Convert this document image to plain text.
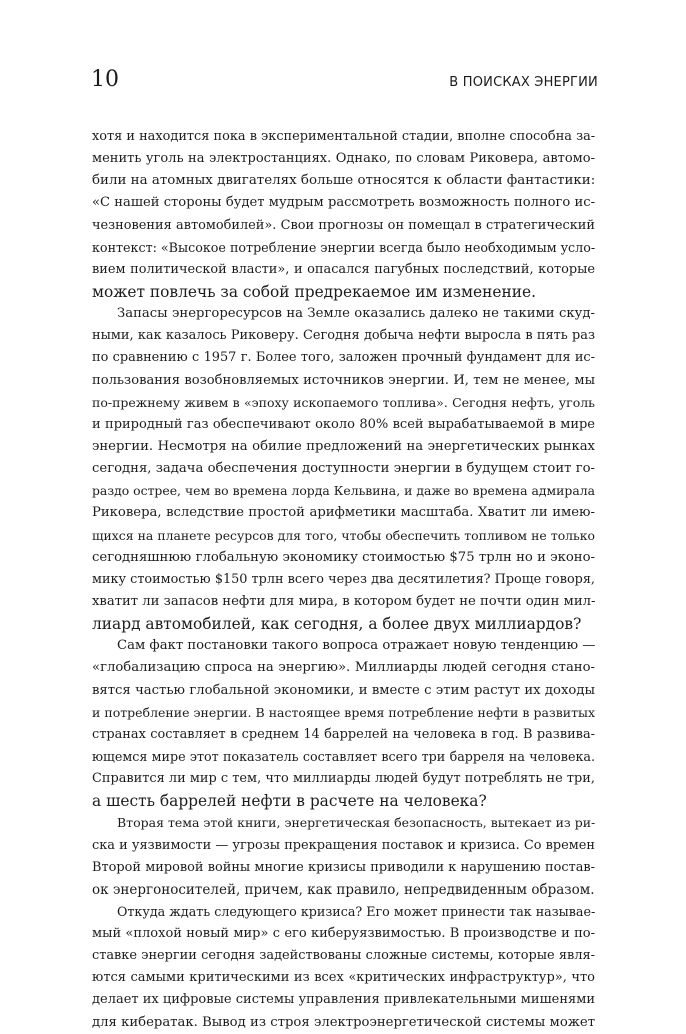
10	В ПОИСКАХ ЭНЕРГИИ
хотя и находится пока в экспериментальной стадии, вполне способна за-
менить уголь на электростанциях. Однако, по словам Риковера, автомо-
били на атомных двигателях больше относятся к области фантастики:
«С нашей стороны будет мудрым рассмотреть возможность полного ис-
чезновения автомобилей». Свои прогнозы он помещал в стратегический
контекст: «Высокое потребление энергии всегда было необходимым усло-
вием политической власти», и опасался пагубных последствий, которые
может повлечь за собой предрекаемое им изменение.
Запасы энергоресурсов на Земле оказались далеко не такими скуд-
ными, как казалось Риковеру. Сегодня добыча нефти выросла в пять раз
по сравнению с 1957 г. Более того, заложен прочный фундамент для ис-
пользования возобновляемых источников энергии. И, тем не менее, мы
по-прежнему живем в «эпоху ископаемого топлива». Сегодня нефть, уголь
и природный газ обеспечивают около 80% всей вырабатываемой в мире
энергии. Несмотря на обилие предложений на энергетических рынках
сегодня, задача обеспечения доступности энергии в будущем стоит го-
раздо острее, чем во времена лорда Кельвина, и даже во времена адмирала
Риковера, вследствие простой арифметики масштаба. Хватит ли имею-
щихся на планете ресурсов для того, чтобы обеспечить топливом не только
сегодняшнюю глобальную экономику стоимостью $75 трлн но и эконо-
мику стоимостью $150 трлн всего через два десятилетия? Проще говоря,
хватит ли запасов нефти для мира, в котором будет не почти один мил-
лиард автомобилей, как сегодня, а более двух миллиардов?
Сам факт постановки такого вопроса отражает новую тенденцию —
«глобализацию спроса на энергию». Миллиарды людей сегодня стано-
вятся частью глобальной экономики, и вместе с этим растут их доходы
и потребление энергии. В настоящее время потребление нефти в развитых
странах составляет в среднем 14 баррелей на человека в год. В развива-
ющемся мире этот показатель составляет всего три барреля на человека.
Справится ли мир с тем, что миллиарды людей будут потреблять не три,
а шесть баррелей нефти в расчете на человека?
Вторая тема этой книги, энергетическая безопасность, вытекает из ри-
ска и уязвимости — угрозы прекращения поставок и кризиса. Со времен
Второй мировой войны многие кризисы приводили к нарушению постав-
ок энергоносителей, причем, как правило, непредвиденным образом.
Откуда ждать следующего кризиса? Его может принести так называе-
мый «плохой новый мир» с его киберуязвимостью. В производстве и по-
ставке энергии сегодня задействованы сложные системы, которые явля-
ются самыми критическими из всех «критических инфраструктур», что
делает их цифровые системы управления привлекательными мишенями
для кибератак. Вывод из строя электроэнергетической системы может
